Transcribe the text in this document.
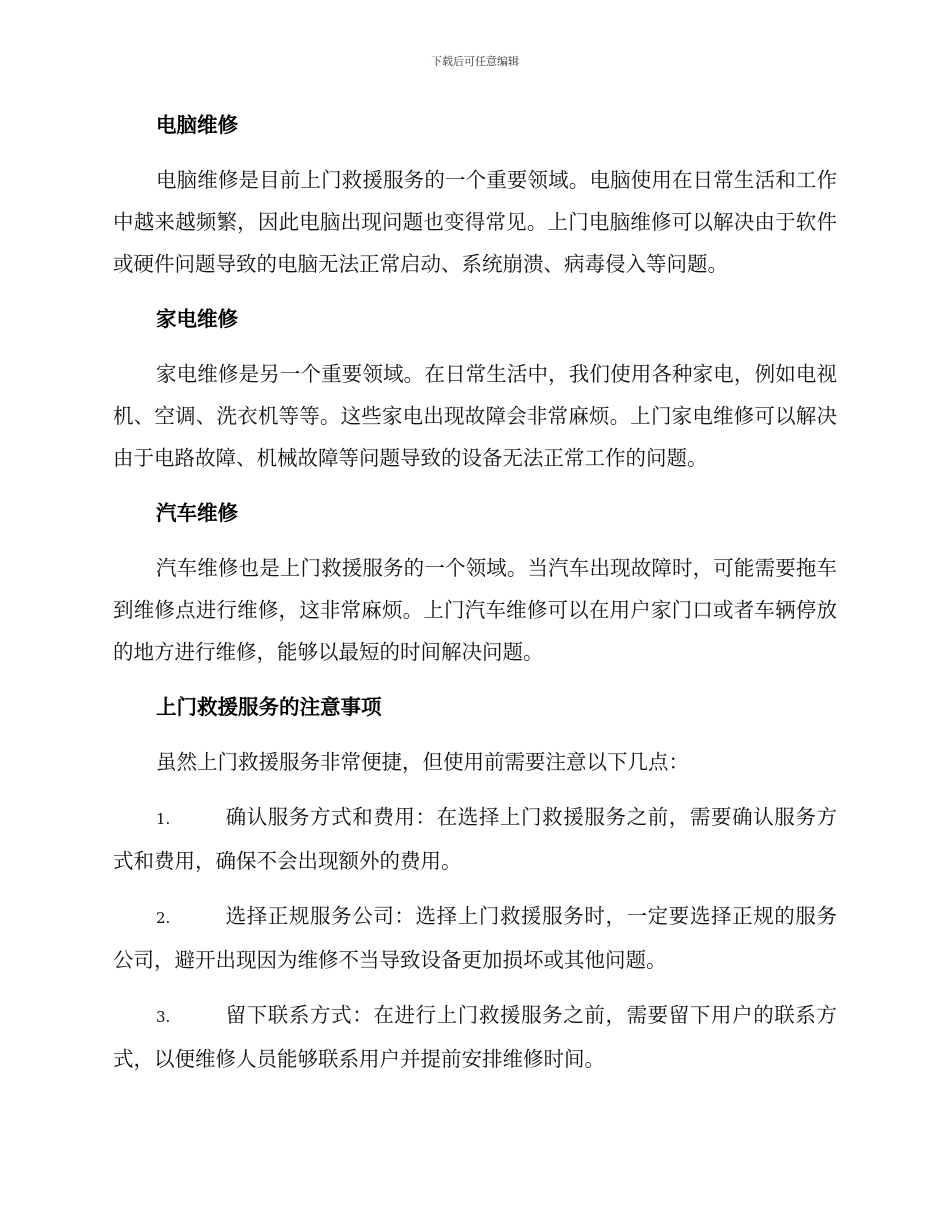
下载后可任意编辑
电脑维修

电脑维修是目前上门救援服务的一个重要领域。电脑使用在日常生活和工作中越来越频繁，因此电脑出现问题也变得常见。上门电脑维修可以解决由于软件或硬件问题导致的电脑无法正常启动、系统崩溃、病毒侵入等问题。

家电维修

家电维修是另一个重要领域。在日常生活中，我们使用各种家电，例如电视机、空调、洗衣机等等。这些家电出现故障会非常麻烦。上门家电维修可以解决由于电路故障、机械故障等问题导致的设备无法正常工作的问题。

汽车维修

汽车维修也是上门救援服务的一个领域。当汽车出现故障时，可能需要拖车到维修点进行维修，这非常麻烦。上门汽车维修可以在用户家门口或者车辆停放的地方进行维修，能够以最短的时间解决问题。

上门救援服务的注意事项

虽然上门救援服务非常便捷，但使用前需要注意以下几点：

1.	确认服务方式和费用：在选择上门救援服务之前，需要确认服务方式和费用，确保不会出现额外的费用。

2.	选择正规服务公司：选择上门救援服务时，一定要选择正规的服务公司，避开出现因为维修不当导致设备更加损坏或其他问题。

3.	留下联系方式：在进行上门救援服务之前，需要留下用户的联系方式，以便维修人员能够联系用户并提前安排维修时间。
